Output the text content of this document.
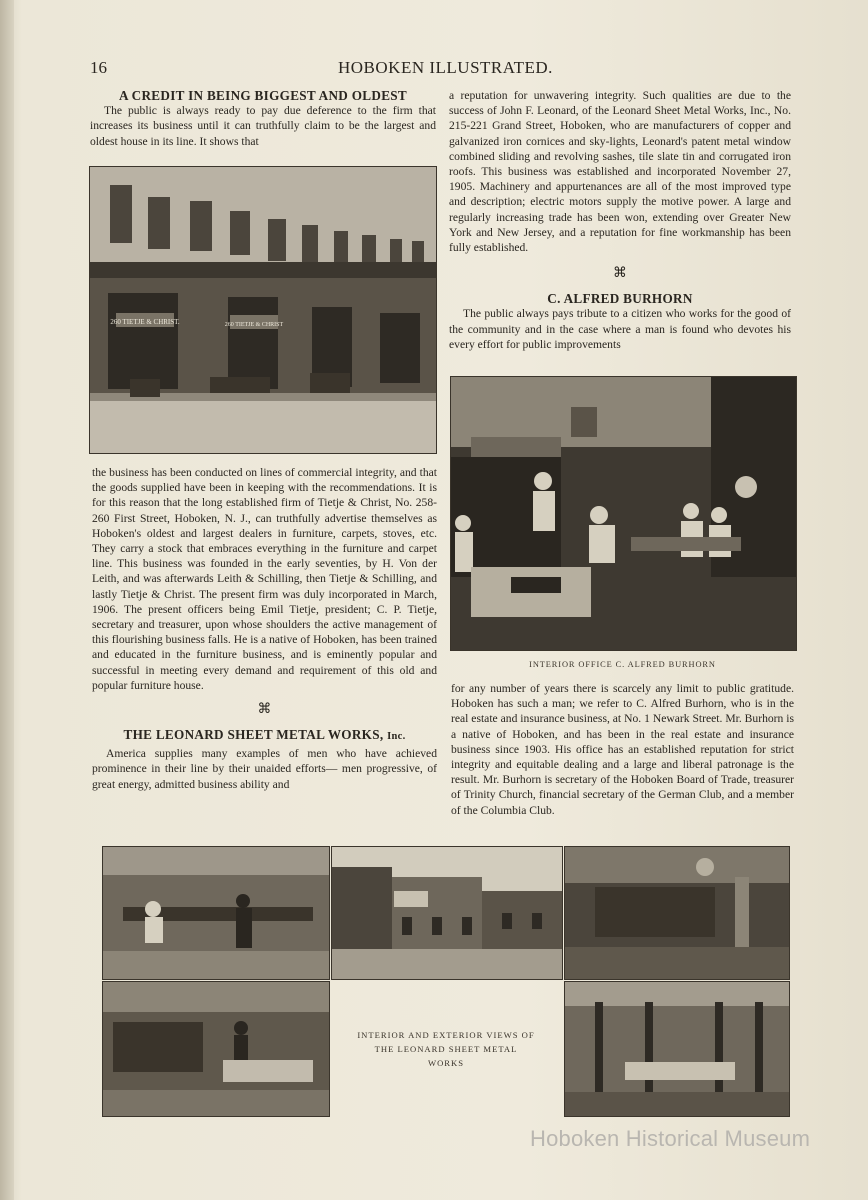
16	HOBOKEN ILLUSTRATED.
A CREDIT IN BEING BIGGEST AND OLDEST

The public is always ready to pay due deference to the firm that increases its business until it can truthfully claim to be the largest and oldest house in its line. It shows that

260 TIETJE & CHRIST.	260 TIETJE & CHRIST

the business has been conducted on lines of commercial integrity, and that the goods supplied have been in keeping with the recommendations. It is for this reason that the long established firm of Tietje & Christ, No. 258-260 First Street, Hoboken, N. J., can truthfully advertise themselves as Hoboken's oldest and largest dealers in furniture, carpets, stoves, etc. They carry a stock that embraces everything in the furniture and carpet line. This business was founded in the early seventies, by H. Von der Leith, and was afterwards Leith & Schilling, then Tietje & Schilling, and lastly Tietje & Christ. The present firm was duly incorporated in March, 1906. The present officers being Emil Tietje, president; C. P. Tietje, secretary and treasurer, upon whose shoulders the active management of this flourishing business falls. He is a native of Hoboken, has been trained and educated in the furniture business, and is eminently popular and successful in meeting every demand and requirement of this old and popular furniture house.

⌘
THE LEONARD SHEET METAL WORKS, Inc.

America supplies many examples of men who have achieved prominence in their line by their unaided efforts— men progressive, of great energy, admitted business ability and

a reputation for unwavering integrity. Such qualities are due to the success of John F. Leonard, of the Leonard Sheet Metal Works, Inc., No. 215-221 Grand Street, Hoboken, who are manufacturers of copper and galvanized iron cornices and sky-lights, Leonard's patent metal window combined sliding and revolving sashes, tile slate tin and corrugated iron roofs. This business was established and incorporated November 27, 1905. Machinery and appurtenances are all of the most improved type and description; electric motors supply the motive power. A large and regularly increasing trade has been won, extending over Greater New York and New Jersey, and a reputation for fine workmanship has been fully established.

⌘
C. ALFRED BURHORN

The public always pays tribute to a citizen who works for the good of the community and in the case where a man is found who devotes his every effort for public improvements

INTERIOR OFFICE C. ALFRED BURHORN

for any number of years there is scarcely any limit to public gratitude. Hoboken has such a man; we refer to C. Alfred Burhorn, who is in the real estate and insurance business, at No. 1 Newark Street. Mr. Burhorn is a native of Hoboken, and has been in the real estate and insurance business since 1903. His office has an established reputation for strict integrity and equitable dealing and a large and liberal patronage is the result. Mr. Burhorn is secretary of the Hoboken Board of Trade, treasurer of Trinity Church, financial secretary of the German Club, and a member of the Columbia Club.

INTERIOR AND EXTERIOR VIEWS OF
THE LEONARD SHEET METAL
WORKS
Hoboken Historical Museum
